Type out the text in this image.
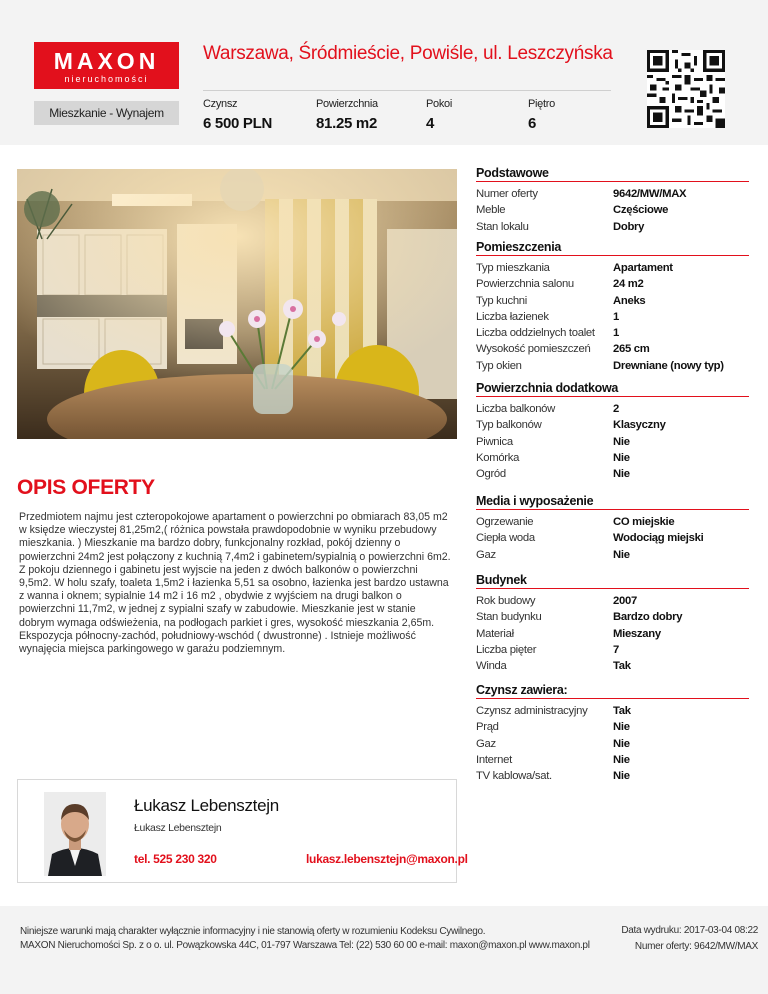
MAXON
nieruchomości
Warszawa, Śródmieście, Powiśle, ul. Leszczyńska
Mieszkanie - Wynajem
Czynsz
6 500 PLN
Powierzchnia
81.25 m2
Pokoi
4
Piętro
6
OPIS OFERTY
Przedmiotem najmu jest czteropokojowe apartament o powierzchni po obmiarach 83,05 m2 w księdze wieczystej 81,25m2,( różnica powstała prawdopodobnie w wyniku przebudowy mieszkania. ) Mieszkanie ma bardzo dobry, funkcjonalny rozkład, pokój dzienny o powierzchni 24m2 jest połączony z kuchnią 7,4m2 i gabinetem/sypialnią o powierzchni 6m2. Z pokoju dziennego i gabinetu jest wyjscie na jeden z dwóch balkonów o powierzchni 9,5m2. W holu szafy, toaleta 1,5m2 i łazienka 5,51 sa osobno, łazienka jest bardzo ustawna z wanna i oknem; sypialnie 14 m2 i 16 m2 , obydwie z wyjściem na drugi balkon o powierzchni 11,7m2, w jednej z sypialni szafy w zabudowie. Mieszkanie jest w stanie dobrym wymaga odświeżenia, na podłogach parkiet i gres, wysokość mieszkania 2,65m. Ekspozycja północny-zachód, południowy-wschód ( dwustronne) . Istnieje możliwość wynajęcia miejsca parkingowego w garażu podziemnym.
Podstawowe
Numer oferty	9642/MW/MAX
Meble	Częściowe
Stan lokalu	Dobry
Pomieszczenia
Typ mieszkania	Apartament
Powierzchnia salonu	24 m2
Typ kuchni	Aneks
Liczba łazienek	1
Liczba oddzielnych toalet	1
Wysokość pomieszczeń	265 cm
Typ okien	Drewniane (nowy typ)
Powierzchnia dodatkowa
Liczba balkonów	2
Typ balkonów	Klasyczny
Piwnica	Nie
Komórka	Nie
Ogród	Nie
Media i wyposażenie
Ogrzewanie	CO miejskie
Ciepła woda	Wodociąg miejski
Gaz	Nie
Budynek
Rok budowy	2007
Stan budynku	Bardzo dobry
Materiał	Mieszany
Liczba pięter	7
Winda	Tak
Czynsz zawiera:
Czynsz administracyjny	Tak
Prąd	Nie
Gaz	Nie
Internet	Nie
TV kablowa/sat.	Nie
Łukasz Lebensztejn
Łukasz Lebensztejn
tel. 525 230 320	lukasz.lebensztejn@maxon.pl
Niniejsze warunki mają charakter wyłącznie informacyjny i nie stanowią oferty w rozumieniu Kodeksu Cywilnego.
MAXON Nieruchomości Sp. z o o. ul. Powązkowska 44C, 01-797 Warszawa Tel: (22) 530 60 00 e-mail: maxon@maxon.pl www.maxon.pl
Data wydruku: 2017-03-04 08:22
Numer oferty: 9642/MW/MAX
